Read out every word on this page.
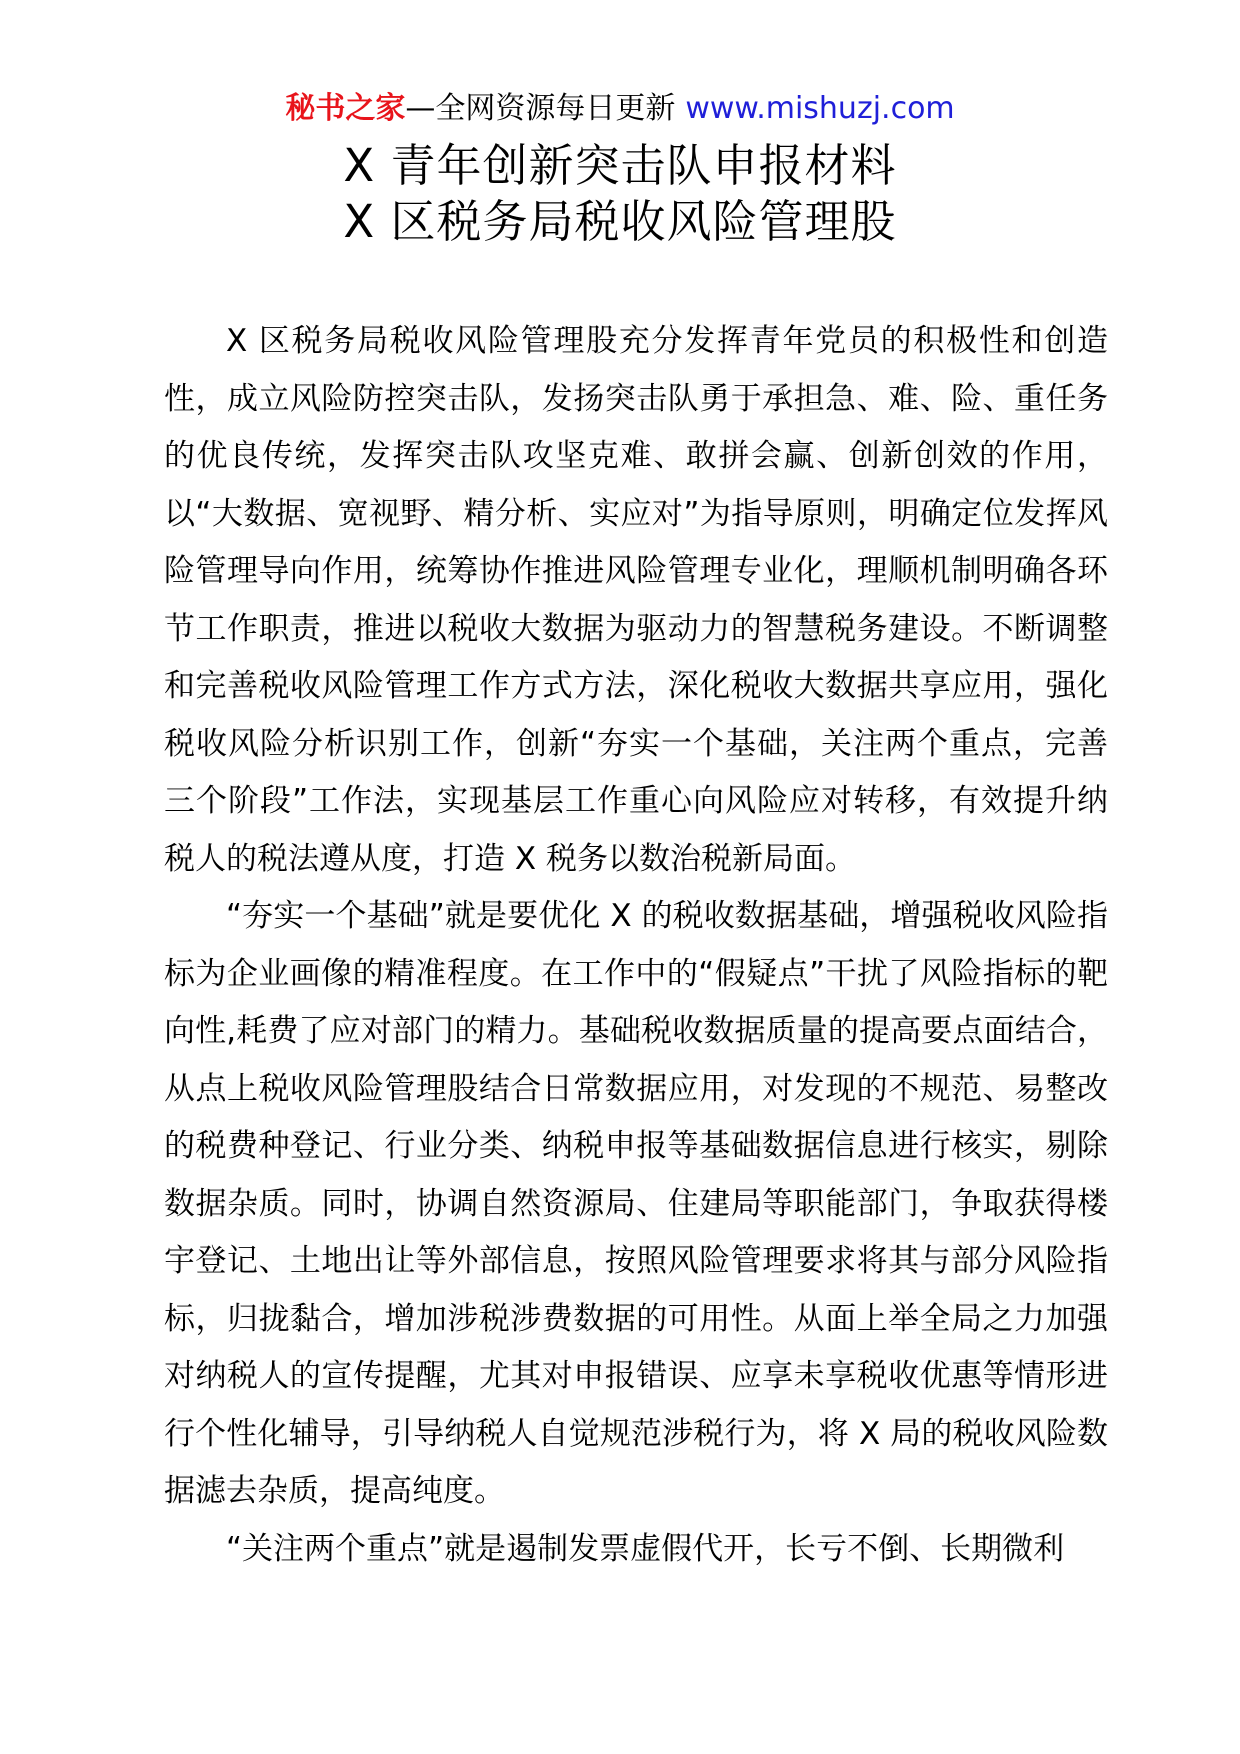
秘书之家—全网资源每日更新 www.mishuzj.com
X 青年创新突击队申报材料
X 区税务局税收风险管理股

X 区税务局税收风险管理股充分发挥青年党员的积极性和创造性，成立风险防控突击队，发扬突击队勇于承担急、难、险、重任务的优良传统，发挥突击队攻坚克难、敢拼会赢、创新创效的作用，以“大数据、宽视野、精分析、实应对”为指导原则，明确定位发挥风险管理导向作用，统筹协作推进风险管理专业化，理顺机制明确各环节工作职责，推进以税收大数据为驱动力的智慧税务建设。不断调整和完善税收风险管理工作方式方法，深化税收大数据共享应用，强化税收风险分析识别工作，创新“夯实一个基础，关注两个重点，完善三个阶段”工作法，实现基层工作重心向风险应对转移，有效提升纳税人的税法遵从度，打造 X 税务以数治税新局面。

“夯实一个基础”就是要优化 X 的税收数据基础，增强税收风险指标为企业画像的精准程度。在工作中的“假疑点”干扰了风险指标的靶向性,耗费了应对部门的精力。基础税收数据质量的提高要点面结合，从点上税收风险管理股结合日常数据应用，对发现的不规范、易整改的税费种登记、行业分类、纳税申报等基础数据信息进行核实，剔除数据杂质。同时，协调自然资源局、住建局等职能部门，争取获得楼宇登记、土地出让等外部信息，按照风险管理要求将其与部分风险指标，归拢黏合，增加涉税涉费数据的可用性。从面上举全局之力加强对纳税人的宣传提醒，尤其对申报错误、应享未享税收优惠等情形进行个性化辅导，引导纳税人自觉规范涉税行为，将 X 局的税收风险数据滤去杂质，提高纯度。

“关注两个重点”就是遏制发票虚假代开，长亏不倒、长期微利
